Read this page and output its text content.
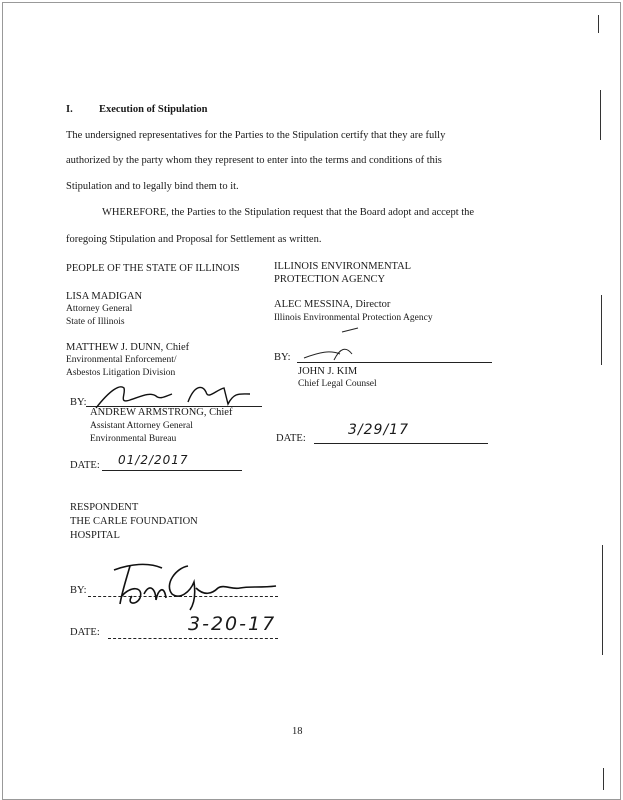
I.	Execution of Stipulation
The undersigned representatives for the Parties to the Stipulation certify that they are fully
authorized by the party whom they represent to enter into the terms and conditions of this
Stipulation and to legally bind them to it.
WHEREFORE, the Parties to the Stipulation request that the Board adopt and accept the
foregoing Stipulation and Proposal for Settlement as written.
PEOPLE OF THE STATE OF ILLINOIS
LISA MADIGAN
Attorney General
State of Illinois
MATTHEW J. DUNN, Chief
Environmental Enforcement/
Asbestos Litigation Division
BY:
ANDREW ARMSTRONG, Chief
Assistant Attorney General
Environmental Bureau
DATE: 01/2/2017
ILLINOIS ENVIRONMENTAL
PROTECTION AGENCY
ALEC MESSINA, Director
Illinois Environmental Protection Agency
BY:
JOHN J. KIM
Chief Legal Counsel
DATE:
3/29/17
RESPONDENT
THE CARLE FOUNDATION
HOSPITAL
BY:
DATE:	3-20-17
18
